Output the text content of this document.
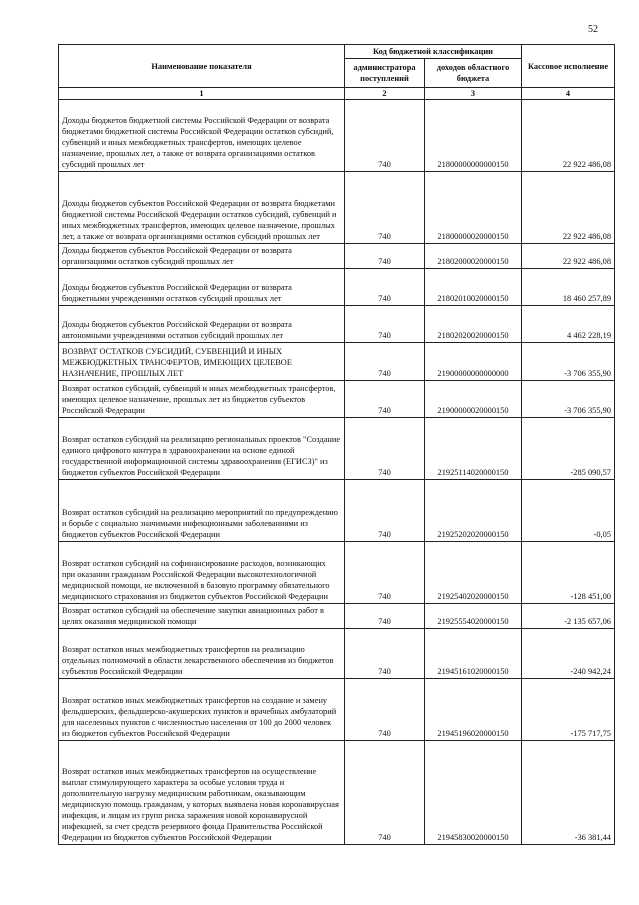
52
Наименование показателя	Код бюджетной классификации		Кассовое исполнение
	администратора поступлений	доходов областного бюджета	
1	2	3	4
Доходы бюджетов бюджетной системы Российской Федерации от возврата бюджетами бюджетной системы Российской Федерации остатков субсидий, субвенций и иных межбюджетных трансфертов, имеющих целевое назначение, прошлых лет, а также от возврата организациями остатков субсидий прошлых лет	740	21800000000000150	22 922 486,08
Доходы бюджетов субъектов Российской Федерации от возврата бюджетами бюджетной системы Российской Федерации остатков субсидий, субвенций и иных межбюджетных трансфертов, имеющих целевое назначение, прошлых лет, а также от возврата организациями остатков субсидий прошлых лет	740	21800000020000150	22 922 486,08
Доходы бюджетов субъектов Российской Федерации от возврата организациями остатков субсидий прошлых лет	740	21802000020000150	22 922 486,08
Доходы бюджетов субъектов Российской Федерации от возврата бюджетными учреждениями остатков субсидий прошлых лет	740	21802010020000150	18 460 257,89
Доходы бюджетов субъектов Российской Федерации от возврата автономными учреждениями остатков субсидий прошлых лет	740	21802020020000150	4 462 228,19
ВОЗВРАТ ОСТАТКОВ СУБСИДИЙ, СУБВЕНЦИЙ И ИНЫХ МЕЖБЮДЖЕТНЫХ ТРАНСФЕРТОВ, ИМЕЮЩИХ ЦЕЛЕВОЕ НАЗНАЧЕНИЕ, ПРОШЛЫХ ЛЕТ	740	21900000000000000	-3 706 355,90
Возврат остатков субсидий, субвенций и иных межбюджетных трансфертов, имеющих целевое назначение, прошлых лет из бюджетов субъектов Российской Федерации	740	21900000020000150	-3 706 355,90
Возврат остатков субсидий на реализацию региональных проектов "Создание единого цифрового контура в здравоохранении на основе единой государственной информационной системы здравоохранения (ЕГИСЗ)" из бюджетов субъектов Российской Федерации	740	21925114020000150	-285 090,57
Возврат остатков субсидий на реализацию мероприятий по предупреждению и борьбе с социально значимыми инфекционными заболеваниями из бюджетов субъектов Российской Федерации	740	21925202020000150	-0,05
Возврат остатков субсидий на софинансирование расходов, возникающих при оказании гражданам Российской Федерации высокотехнологичной медицинской помощи, не включенной в базовую программу обязательного медицинского страхования из бюджетов субъектов Российской Федерации	740	21925402020000150	-128 451,00
Возврат остатков субсидий на обеспечение закупки авиационных работ в целях оказания медицинской помощи	740	21925554020000150	-2 135 657,06
Возврат остатков иных межбюджетных трансфертов на реализацию отдельных полномочий в области лекарственного обеспечения из бюджетов субъектов Российской Федерации	740	21945161020000150	-240 942,24
Возврат остатков иных межбюджетных трансфертов на создание и замену фельдшерских, фельдшерско-акушерских пунктов и врачебных амбулаторий для населенных пунктов с численностью населения от 100 до 2000 человек из бюджетов субъектов Российской Федерации	740	21945196020000150	-175 717,75
Возврат остатков иных межбюджетных трансфертов на осуществление выплат стимулирующего характера за особые условия труда и дополнительную нагрузку медицинским работникам, оказывающим медицинскую помощь гражданам, у которых выявлена новая коронавирусная инфекция, и лицам из групп риска заражения новой коронавирусной инфекцией, за счет средств резервного фонда Правительства Российской Федерации из бюджетов субъектов Российской Федерации	740	21945830020000150	-36 381,44
